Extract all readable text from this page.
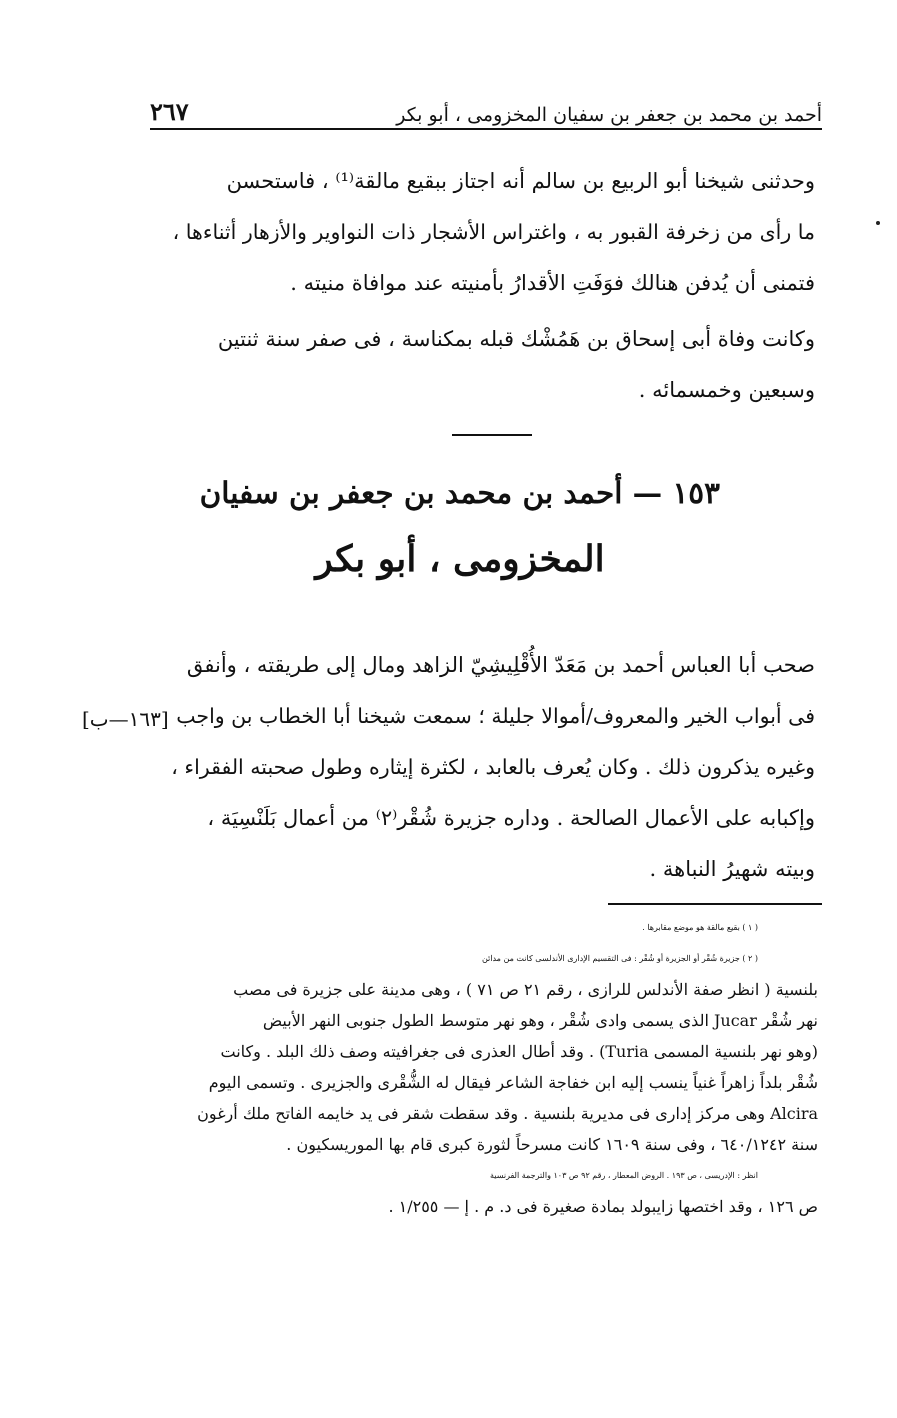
أحمد بن محمد بن جعفر بن سفيان المخزومى ، أبو بكر
٢٦٧
وحدثنى شيخنا أبو الربيع بن سالم أنه اجتاز ببقيع مالقة⁽¹⁾ ، فاستحسن
ما رأى من زخرفة القبور به ، واغتراس الأشجار ذات النواوير والأزهار أثناءها ،
فتمنى أن يُدفن هنالك فوَفَتِ الأقدارُ بأمنيته عند موافاة منيته .
وكانت وفاة أبى إسحاق بن هَمُشْك قبله بمكناسة ، فى صفر سنة ثنتين
وسبعين وخمسمائه .
١٥٣ — أحمد بن محمد بن جعفر بن سفيان
المخزومى ، أبو بكر
[١٦٣—ب]
صحب أبا العباس أحمد بن مَعَدّ الأُقْلِيشِيّ الزاهد ومال إلى طريقته ، وأنفق
فى أبواب الخير والمعروف/أموالا جليلة ؛ سمعت شيخنا أبا الخطاب بن واجب
وغيره يذكرون ذلك . وكان يُعرف بالعابد ، لكثرة إيثاره وطول صحبته الفقراء ،
وإكبابه على الأعمال الصالحة . وداره جزيرة شُقْر⁽٢⁾ من أعمال بَلَنْسِيَة ،
وبيته شهيرُ النباهة .
( ١ ) بقيع مالقة هو موضع مقابرها .
( ٢ ) جزيرة شُقْر أو الجزيرة أو شُقْر : فى التقسيم الإدارى الأندلسى كانت من مدائن
بلنسية ( انظر صفة الأندلس للرازى ، رقم ٢١ ص ٧١ ) ، وهى مدينة على جزيرة فى مصب
نهر شُقْر Jucar الذى يسمى وادى شُقْر ، وهو نهر متوسط الطول جنوبى النهر الأبيض
(وهو نهر بلنسية المسمى Turia) . وقد أطال العذرى فى جغرافيته وصف ذلك البلد . وكانت
شُقْر بلداً زاهراً غنياً ينسب إليه ابن خفاجة الشاعر فيقال له الشُّقْرى والجزيرى . وتسمى اليوم
Alcira وهى مركز إدارى فى مديرية بلنسية . وقد سقطت شقر فى يد خايمه الفاتح ملك أرغون
سنة ٦٤٠/١٢٤٢ ، وفى سنة ١٦٠٩ كانت مسرحاً لثورة كبرى قام بها الموريسكيون .
انظر : الإدريسى ، ص ١٩٣ . الروض المعطار ، رقم ٩٢ ص ١٠٣ والترجمة الفرنسية
ص ١٢٦ ، وقد اختصها زايبولد بمادة صغيرة فى د. م . إ — ١/٢٥٥ .
